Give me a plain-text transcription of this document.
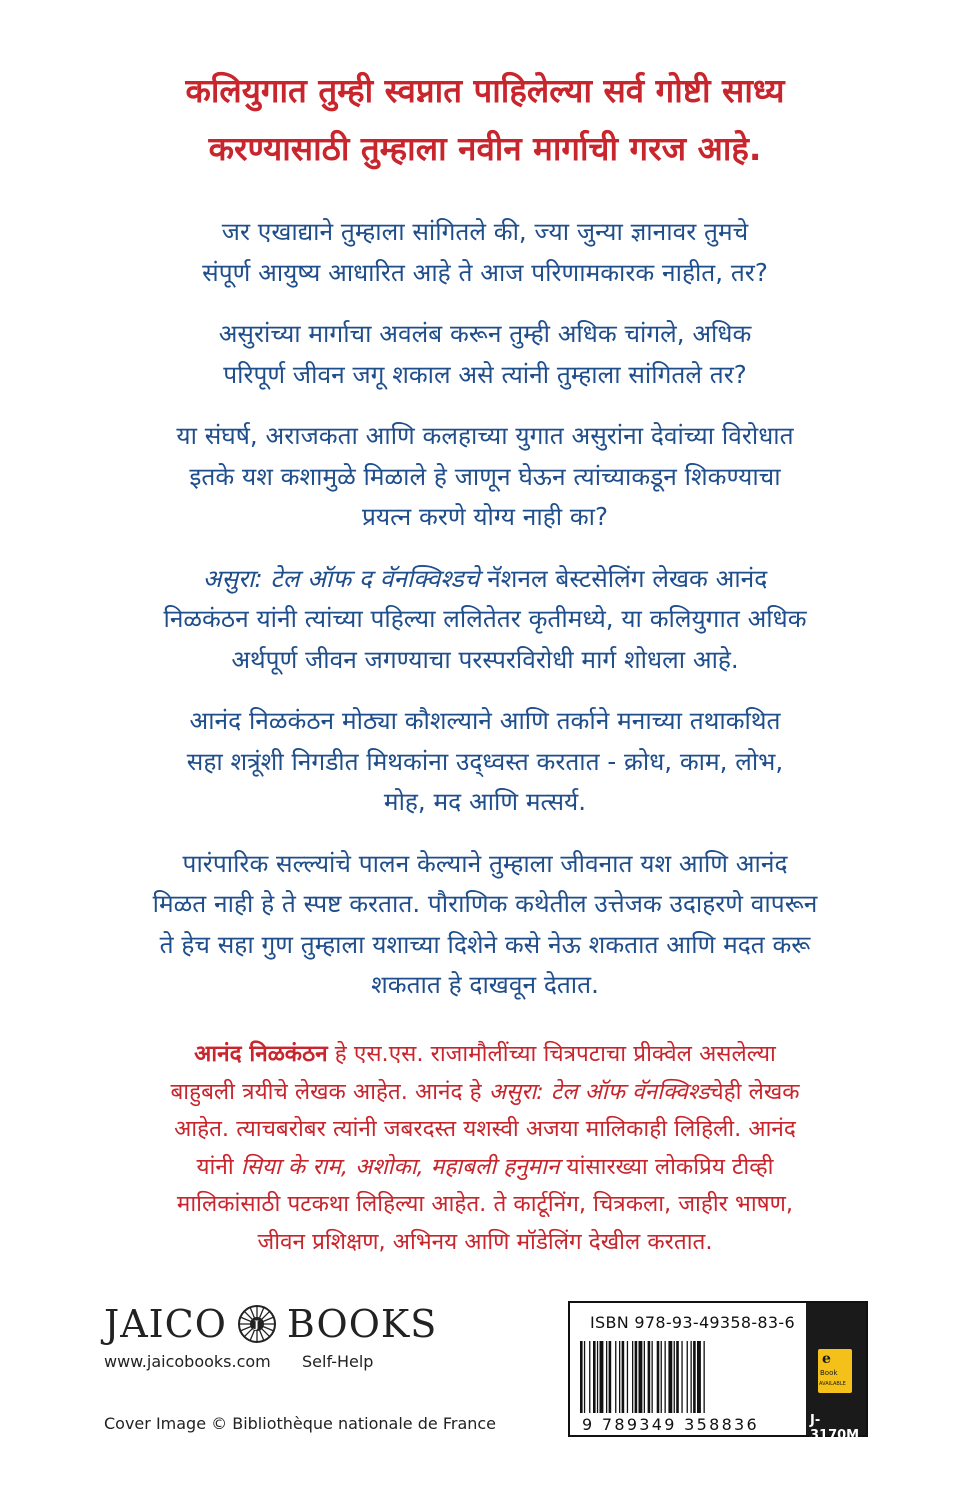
कलियुगात तुम्ही स्वप्नात पाहिलेल्या सर्व गोष्टी साध्य
करण्यासाठी तुम्हाला नवीन मार्गाची गरज आहे.

जर एखाद्याने तुम्हाला सांगितले की, ज्या जुन्या ज्ञानावर तुमचे
संपूर्ण आयुष्य आधारित आहे ते आज परिणामकारक नाहीत, तर?

असुरांच्या मार्गाचा अवलंब करून तुम्ही अधिक चांगले, अधिक
परिपूर्ण जीवन जगू शकाल असे त्यांनी तुम्हाला सांगितले तर?

या संघर्ष, अराजकता आणि कलहाच्या युगात असुरांना देवांच्या विरोधात
इतके यश कशामुळे मिळाले हे जाणून घेऊन त्यांच्याकडून शिकण्याचा
प्रयत्न करणे योग्य नाही का?

असुरा: टेल ऑफ द वॅनक्विश्डचे नॅशनल बेस्टसेलिंग लेखक आनंद
निळकंठन यांनी त्यांच्या पहिल्या ललितेतर कृतीमध्ये, या कलियुगात अधिक
अर्थपूर्ण जीवन जगण्याचा परस्परविरोधी मार्ग शोधला आहे.

आनंद निळकंठन मोठ्या कौशल्याने आणि तर्काने मनाच्या तथाकथित
सहा शत्रूंशी निगडीत मिथकांना उद्ध्वस्त करतात - क्रोध, काम, लोभ,
मोह, मद आणि मत्सर्य.

पारंपारिक सल्ल्यांचे पालन केल्याने तुम्हाला जीवनात यश आणि आनंद
मिळत नाही हे ते स्पष्ट करतात. पौराणिक कथेतील उत्तेजक उदाहरणे वापरून
ते हेच सहा गुण तुम्हाला यशाच्या दिशेने कसे नेऊ शकतात आणि मदत करू
शकतात हे दाखवून देतात.

आनंद निळकंठन हे एस.एस. राजामौलींच्या चित्रपटाचा प्रीक्वेल असलेल्या
बाहुबली त्रयीचे लेखक आहेत. आनंद हे असुरा: टेल ऑफ वॅनक्विश्डचेही लेखक
आहेत. त्याचबरोबर त्यांनी जबरदस्त यशस्वी अजया मालिकाही लिहिली. आनंद
यांनी सिया के राम, अशोका, महाबली हनुमान यांसारख्या लोकप्रिय टीव्ही
मालिकांसाठी पटकथा लिहिल्या आहेत. ते कार्टूनिंग, चित्रकला, जाहीर भाषण,
जीवन प्रशिक्षण, अभिनय आणि मॉडेलिंग देखील करतात.
JAICO	J BOOKS
www.jaicobooks.com Self-Help
Cover Image © Bibliothèque nationale de France
ISBN 978-93-49358-83-6
9 789349 358836
e
Book
AVAILABLE
J-3170M
